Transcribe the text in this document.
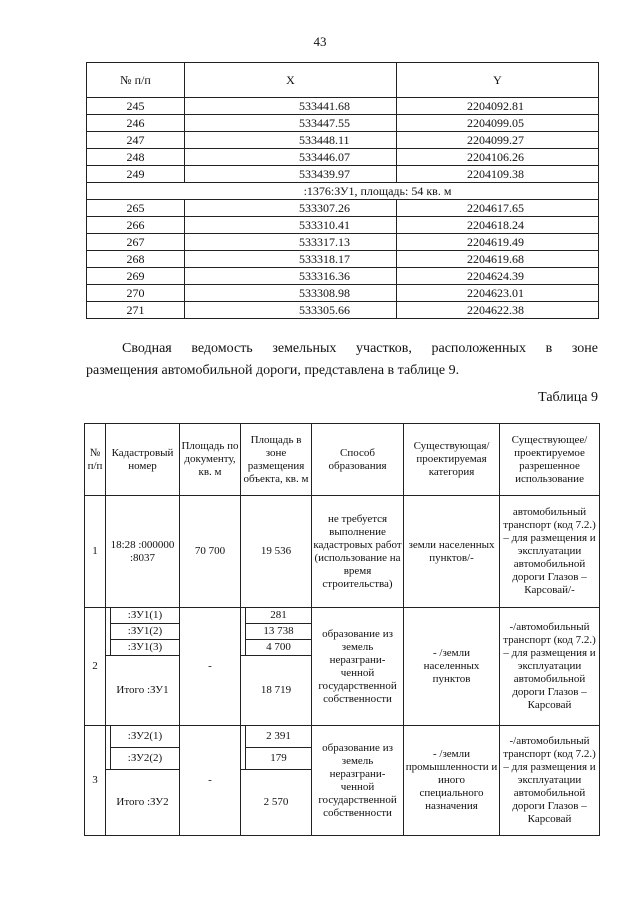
43
№ п/п	X	Y
245	533441.68	2204092.81
246	533447.55	2204099.05
247	533448.11	2204099.27
248	533446.07	2204106.26
249	533439.97	2204109.38
:1376:ЗУ1, площадь: 54 кв. м		
265	533307.26	2204617.65
266	533310.41	2204618.24
267	533317.13	2204619.49
268	533318.17	2204619.68
269	533316.36	2204624.39
270	533308.98	2204623.01
271	533305.66	2204622.38
Сводная ведомость земельных участков, расположенных в зоне
размещения автомобильной дороги, представлена в таблице 9.
Таблица 9
№ п/п	Кадастровый номер		Площадь по документу, кв. м	Площадь в зоне размещения объекта, кв. м		Способ образования	Существующая/ проектируемая категория	Существующее/ проектируемое разрешенное использование
1	18:28 :000000 :8037		70 700	19 536		не требуется выполнение кадастровых работ (использование на время строительства)	земли населенных пунктов/-	автомобильный транспорт (код 7.2.) – для размещения и эксплуатации автомобильной дороги Глазов – Карсовай/-
2		:ЗУ1(1)	-		281	образование из земель неразграни-ченной государственной собственности	- /земли населенных пунктов	-/автомобильный транспорт (код 7.2.) – для размещения и эксплуатации автомобильной дороги Глазов – Карсовай
		:ЗУ1(2)			13 738			
		:ЗУ1(3)			4 700			
	Итого :ЗУ1			18 719				
3		:ЗУ2(1)	-		2 391	образование из земель неразграни-ченной государственной собственности	- /земли промышленности и иного специального назначения	-/автомобильный транспорт (код 7.2.) – для размещения и эксплуатации автомобильной дороги Глазов – Карсовай
		:ЗУ2(2)			179			
	Итого :ЗУ2			2 570				
